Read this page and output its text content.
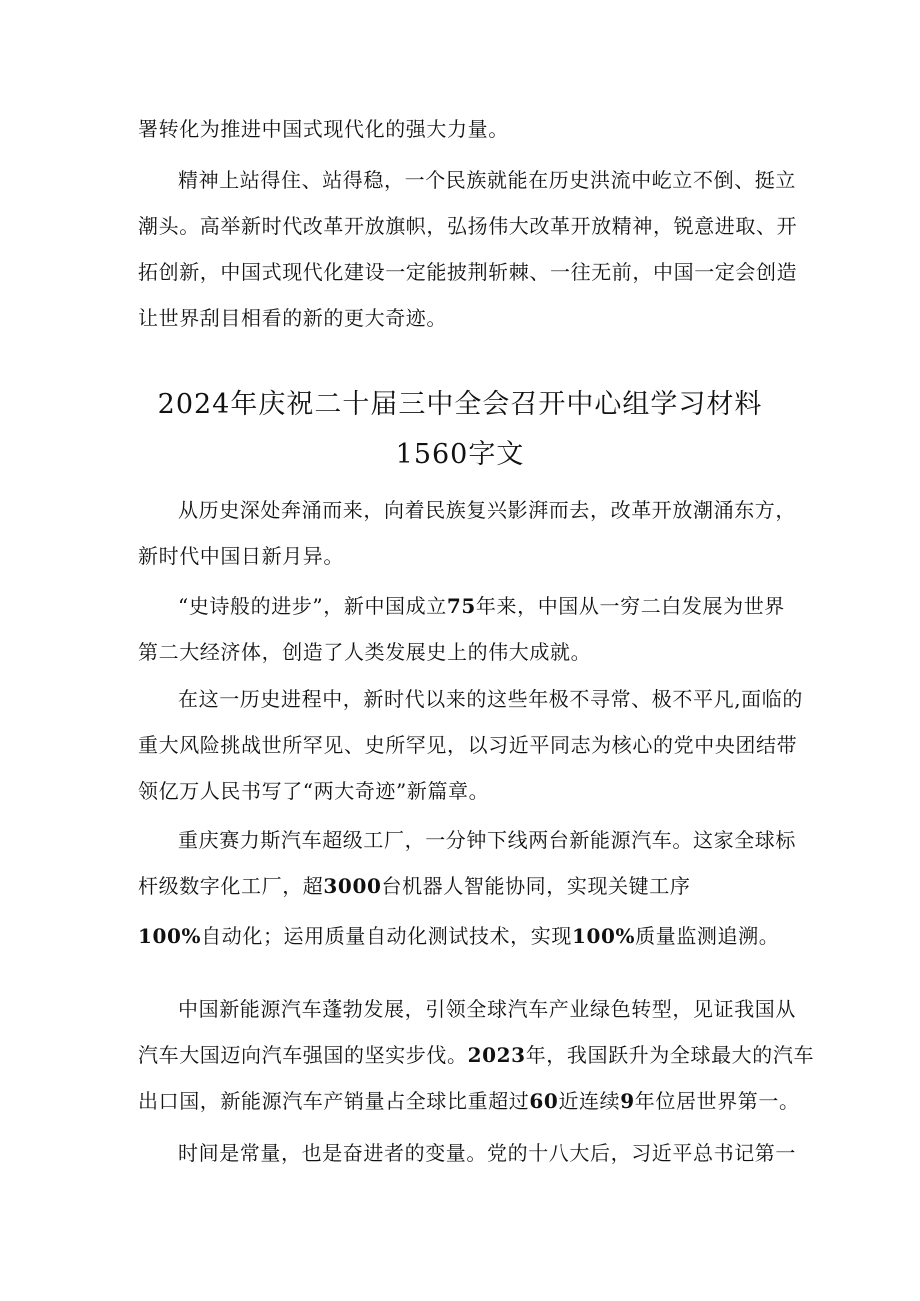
署转化为推进中国式现代化的强大力量。
精神上站得住、站得稳，一个民族就能在历史洪流中屹立不倒、挺立
潮头。高举新时代改革开放旗帜，弘扬伟大改革开放精神，锐意进取、开
拓创新，中国式现代化建设一定能披荆斩棘、一往无前，中国一定会创造
让世界刮目相看的新的更大奇迹。
2024年庆祝二十届三中全会召开中心组学习材料
1560字文
从历史深处奔涌而来，向着民族复兴影湃而去，改革开放潮涌东方，
新时代中国日新月异。
“史诗般的进步”，新中国成立75年来，中国从一穷二白发展为世界
第二大经济体，创造了人类发展史上的伟大成就。
在这一历史进程中，新时代以来的这些年极不寻常、极不平凡,面临的
重大风险挑战世所罕见、史所罕见，以习近平同志为核心的党中央团结带
领亿万人民书写了“两大奇迹”新篇章。
重庆赛力斯汽车超级工厂，一分钟下线两台新能源汽车。这家全球标
杆级数字化工厂，超3000台机器人智能协同，实现关键工序
100%自动化；运用质量自动化测试技术，实现100%质量监测追溯。
中国新能源汽车蓬勃发展，引领全球汽车产业绿色转型，见证我国从
汽车大国迈向汽车强国的坚实步伐。2023年，我国跃升为全球最大的汽车
出口国，新能源汽车产销量占全球比重超过60近连续9年位居世界第一。
时间是常量，也是奋进者的变量。党的十八大后，习近平总书记第一
